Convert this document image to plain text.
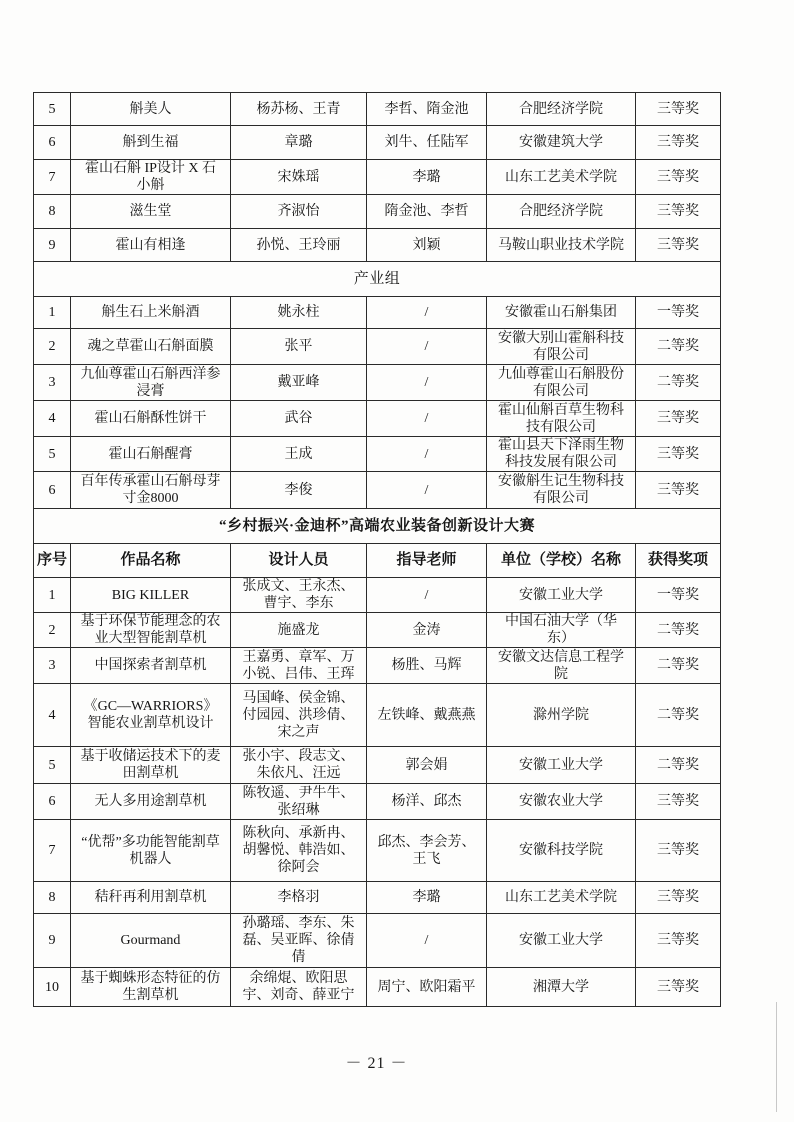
5	斛美人	杨苏杨、王青	李哲、隋金池	合肥经济学院	三等奖
6	斛到生福	章璐	刘牛、任陆军	安徽建筑大学	三等奖
7	霍山石斛 IP设计 X 石小斛	宋姝瑶	李璐	山东工艺美术学院	三等奖
8	滋生堂	齐淑怡	隋金池、李哲	合肥经济学院	三等奖
9	霍山有相逢	孙悦、王玲丽	刘颖	马鞍山职业技术学院	三等奖
产业组					
1	斛生石上米斛酒	姚永柱	/	安徽霍山石斛集团	一等奖
2	魂之草霍山石斛面膜	张平	/	安徽大别山霍斛科技有限公司	二等奖
3	九仙尊霍山石斛西洋参浸膏	戴亚峰	/	九仙尊霍山石斛股份有限公司	二等奖
4	霍山石斛酥性饼干	武谷	/	霍山仙斛百草生物科技有限公司	三等奖
5	霍山石斛醒膏	王成	/	霍山县天下泽雨生物科技发展有限公司	三等奖
6	百年传承霍山石斛母芽寸金8000	李俊	/	安徽斛生记生物科技有限公司	三等奖
“乡村振兴·金迪杯”高端农业装备创新设计大赛					
序号	作品名称	设计人员	指导老师	单位（学校）名称	获得奖项
1	BIG KILLER	张成文、王永杰、曹宇、李东	/	安徽工业大学	一等奖
2	基于环保节能理念的农业大型智能割草机	施盛龙	金涛	中国石油大学（华东）	二等奖
3	中国探索者割草机	王嘉勇、章军、万小锐、吕伟、王珲	杨胜、马辉	安徽文达信息工程学院	二等奖
4	《GC—WARRIORS》智能农业割草机设计	马国峰、侯金锦、付园园、洪珍倩、宋之声	左铁峰、戴燕燕	滁州学院	二等奖
5	基于收储运技术下的麦田割草机	张小宇、段志文、朱依凡、汪远	郭会娟	安徽工业大学	二等奖
6	无人多用途割草机	陈牧遥、尹牛牛、张绍琳	杨洋、邱杰	安徽农业大学	三等奖
7	“优帮”多功能智能割草机器人	陈秋向、承新冉、胡馨悦、韩浩如、徐阿会	邱杰、李会芳、王飞	安徽科技学院	三等奖
8	秸秆再利用割草机	李格羽	李璐	山东工艺美术学院	三等奖
9	Gourmand	孙璐瑶、李东、朱磊、吴亚晖、徐倩倩	/	安徽工业大学	三等奖
10	基于蜘蛛形态特征的仿生割草机	余绵焜、欧阳思宇、刘奇、薛亚宁	周宁、欧阳霜平	湘潭大学	三等奖
－ 21 －
